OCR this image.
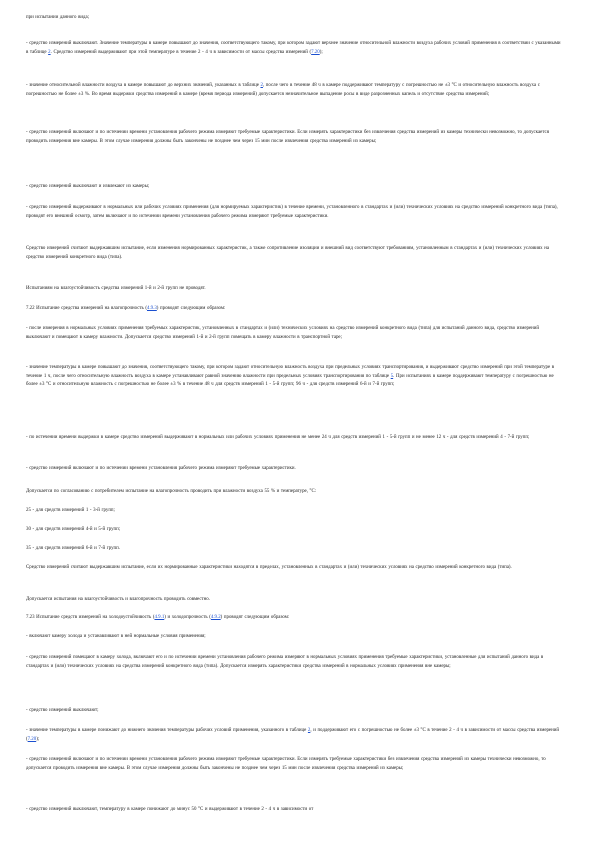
при испытании данного вида;

- средство измерений выключают. Значение температуры в камере повышают до значения, соответствующего такому, при котором задают верхнее значение относительной влажности воздуха рабочих условий применения в соответствии с указанными в таблице 2. Средство измерений выдерживают при этой температуре в течение 2 - 4 ч в зависимости от массы средства измерений (7.20);

- значение относительной влажности воздуха в камере повышают до верхних значений, указанных в таблице 2, после чего в течение 48 ч в камере поддерживают температуру с погрешностью не ±3 °C и относительную влажность воздуха с погрешностью не более ±3 %. Во время выдержки средства измерений в камере (время периода измерений) допускается незначительное выпадение росы в виде разрозненных капель и отсутствие средства измерений;

- средство измерений включают и по истечении времени установления рабочего режима измеряют требуемые характеристики. Если измерять характеристики без извлечения средства измерений из камеры технически невозможно, то допускается проводить измерения вне камеры. В этом случае измерения должны быть закончены не позднее чем через 15 мин после извлечения средства измерений из камеры;

- средство измерений выключают и извлекают из камеры;

- средство измерений выдерживают в нормальных или рабочих условиях применения (для нормируемых характеристик) в течение времени, установленного в стандартах и (или) технических условиях на средство измерений конкретного вида (типа), проводят его внешний осмотр, затем включают и по истечении времени установления рабочего режима измеряют требуемые характеристики.

Средство измерений считают выдержавшим испытание, если изменения нормированных характеристик, а также сопротивление изоляции и внешний вид соответствуют требованиям, установленным в стандартах и (или) технических условиях на средство измерений конкретного вида (типа).

Испытаниям на влагоустойчивость средства измерений 1-й и 2-й групп не проводят.

7.22 Испытание средства измерений на влагопрочность (4.9.3) проводят следующим образом:

- после измерения в нормальных условиях применения требуемых характеристик, установленных в стандартах и (или) технических условиях на средство измерений конкретного вида (типа) для испытаний данного вида, средство измерений выключают и помещают в камеру влажности. Допускается средство измерений 1-й и 2-й групп помещать в камеру влажности в транспортной таре;

- значение температуры в камере повышают до значения, соответствующего такому, при котором задают относительную влажность воздуха при предельных условиях транспортирования, и выдерживают средство измерений при этой температуре в течение 1 ч, после чего относительную влажность воздуха в камере устанавливают равной значению влажности при предельных условиях транспортирования по таблице 5. При испытаниях в камере поддерживают температуру с погрешностью не более ±3 °C и относительную влажность с погрешностью не более ±3 % в течение 48 ч для средств измерений 1 - 5-й групп; 96 ч - для средств измерений 6-й и 7-й групп;

- по истечении времени выдержки в камере средство измерений выдерживают в нормальных или рабочих условиях применения не менее 24 ч для средств измерений 1 - 5-й групп и не менее 12 ч - для средств измерений 4 - 7-й групп;

- средство измерений включают и по истечении времени установления рабочего режима измеряют требуемые характеристики.

Допускается по согласованию с потребителем испытание на влагопрочность проводить при влажности воздуха 55 % и температуре, °C:

25 - для средств измерений 1 - 3-й групп;

30 - для средств измерений 4-й и 5-й групп;

35 - для средств измерений 6-й и 7-й групп.

Средство измерений считают выдержавшим испытание, если их нормированные характеристики находятся в пределах, установленных в стандартах и (или) технических условиях на средство измерений конкретного вида (типа).

Допускается испытания на влагоустойчивость и влагопрочность проводить совместно.

7.23 Испытание средств измерений на холодоустойчивость (4.9.1) и холодопрочность (4.9.2) проводят следующим образом:

- включают камеру холода и устанавливают в ней нормальные условия применения;

- средство измерений помещают в камеру холода, включают его и по истечении времени установления рабочего режима измеряют в нормальных условиях применения требуемые характеристики, установленные для испытаний данного вида в стандартах и (или) технических условиях на средства измерений конкретного вида (типа). Допускается измерять характеристики средства измерений в нормальных условиях применения вне камеры;

- средство измерений выключают;

- значение температуры в камере понижают до нижнего значения температуры рабочих условий применения, указанного в таблице 2, и поддерживают его с погрешностью не более ±3 °C в течение 2 - 4 ч в зависимости от массы средства измерений (7.20);

- средство измерений включают и по истечении времени установления рабочего режима измеряют требуемые характеристики. Если измерять требуемые характеристики без извлечения средства измерений из камеры технически невозможно, то допускается проводить измерения вне камеры. В этом случае измерения должны быть закончены не позднее чем через 15 мин после извлечения средства измерений из камеры;

- средство измерений выключают, температуру в камере понижают до минус 50 °C и выдерживают в течение 2 - 4 ч в зависимости от
